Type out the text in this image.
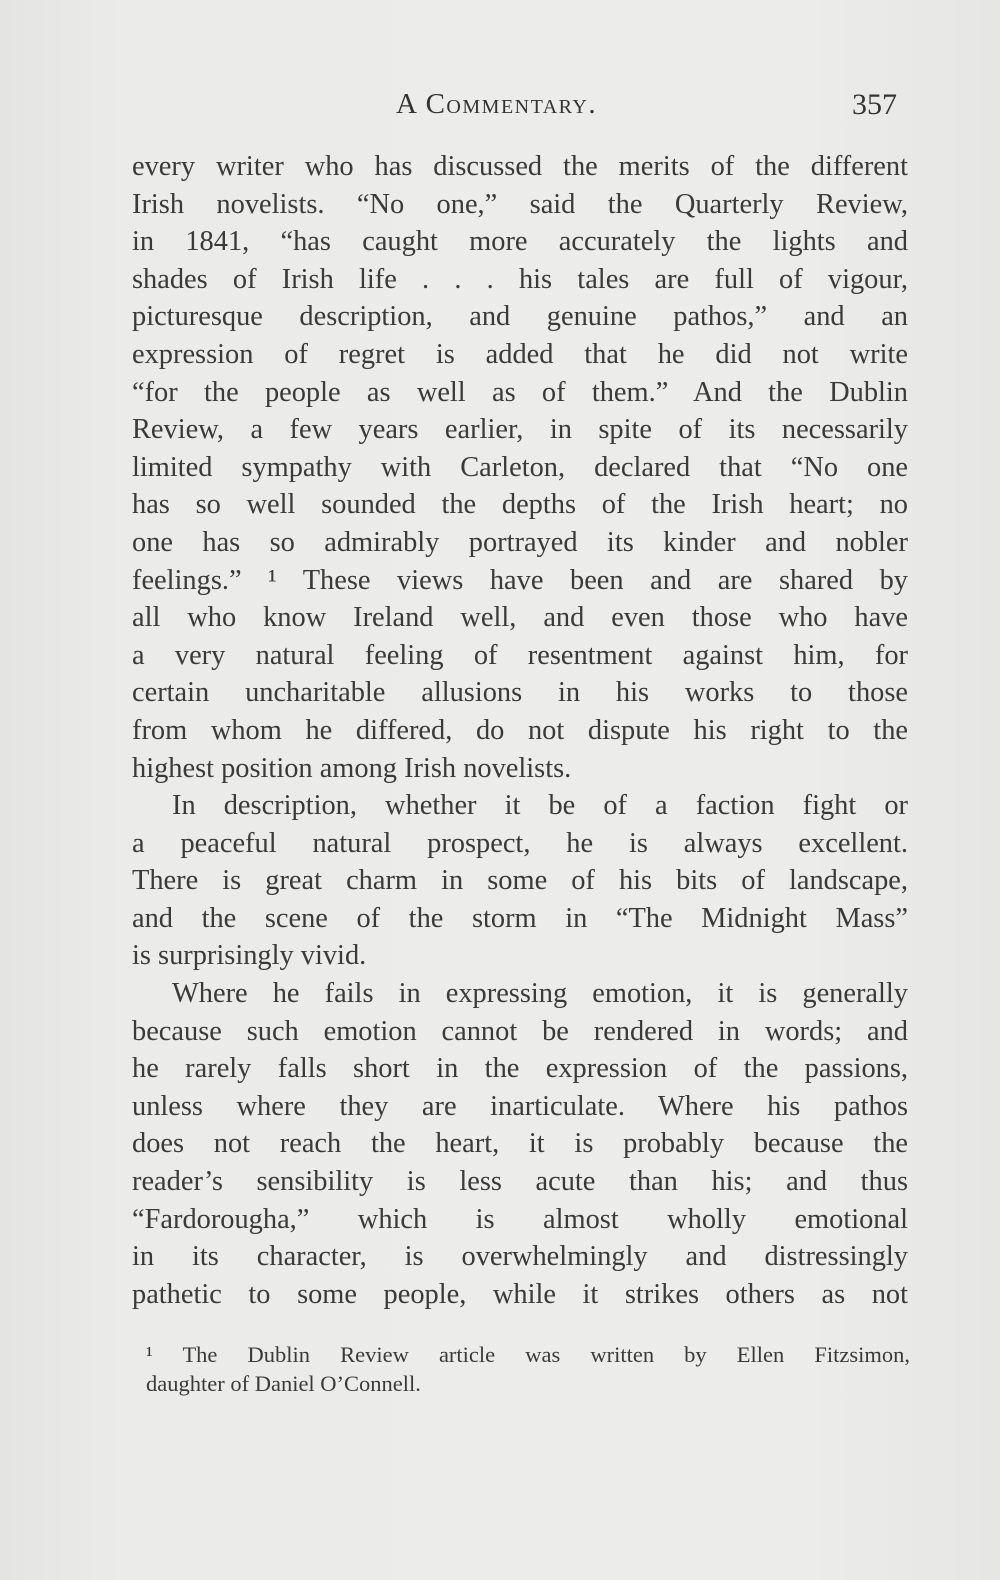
A Commentary.	357
every writer who has discussed the merits of the different
Irish novelists. “No one,” said the Quarterly Review,
in 1841, “has caught more accurately the lights and
shades of Irish life . . . his tales are full of vigour,
picturesque description, and genuine pathos,” and an
expression of regret is added that he did not write
“for the people as well as of them.” And the Dublin
Review, a few years earlier, in spite of its necessarily
limited sympathy with Carleton, declared that “No one
has so well sounded the depths of the Irish heart; no
one has so admirably portrayed its kinder and nobler
feelings.” ¹ These views have been and are shared by
all who know Ireland well, and even those who have
a very natural feeling of resentment against him, for
certain uncharitable allusions in his works to those
from whom he differed, do not dispute his right to the
highest position among Irish novelists.
In description, whether it be of a faction fight or
a peaceful natural prospect, he is always excellent.
There is great charm in some of his bits of landscape,
and the scene of the storm in “The Midnight Mass”
is surprisingly vivid.
Where he fails in expressing emotion, it is generally
because such emotion cannot be rendered in words; and
he rarely falls short in the expression of the passions,
unless where they are inarticulate. Where his pathos
does not reach the heart, it is probably because the
reader’s sensibility is less acute than his; and thus
“Fardorougha,” which is almost wholly emotional
in its character, is overwhelmingly and distressingly
pathetic to some people, while it strikes others as not
¹ The Dublin Review article was written by Ellen Fitzsimon,
daughter of Daniel O’Connell.
